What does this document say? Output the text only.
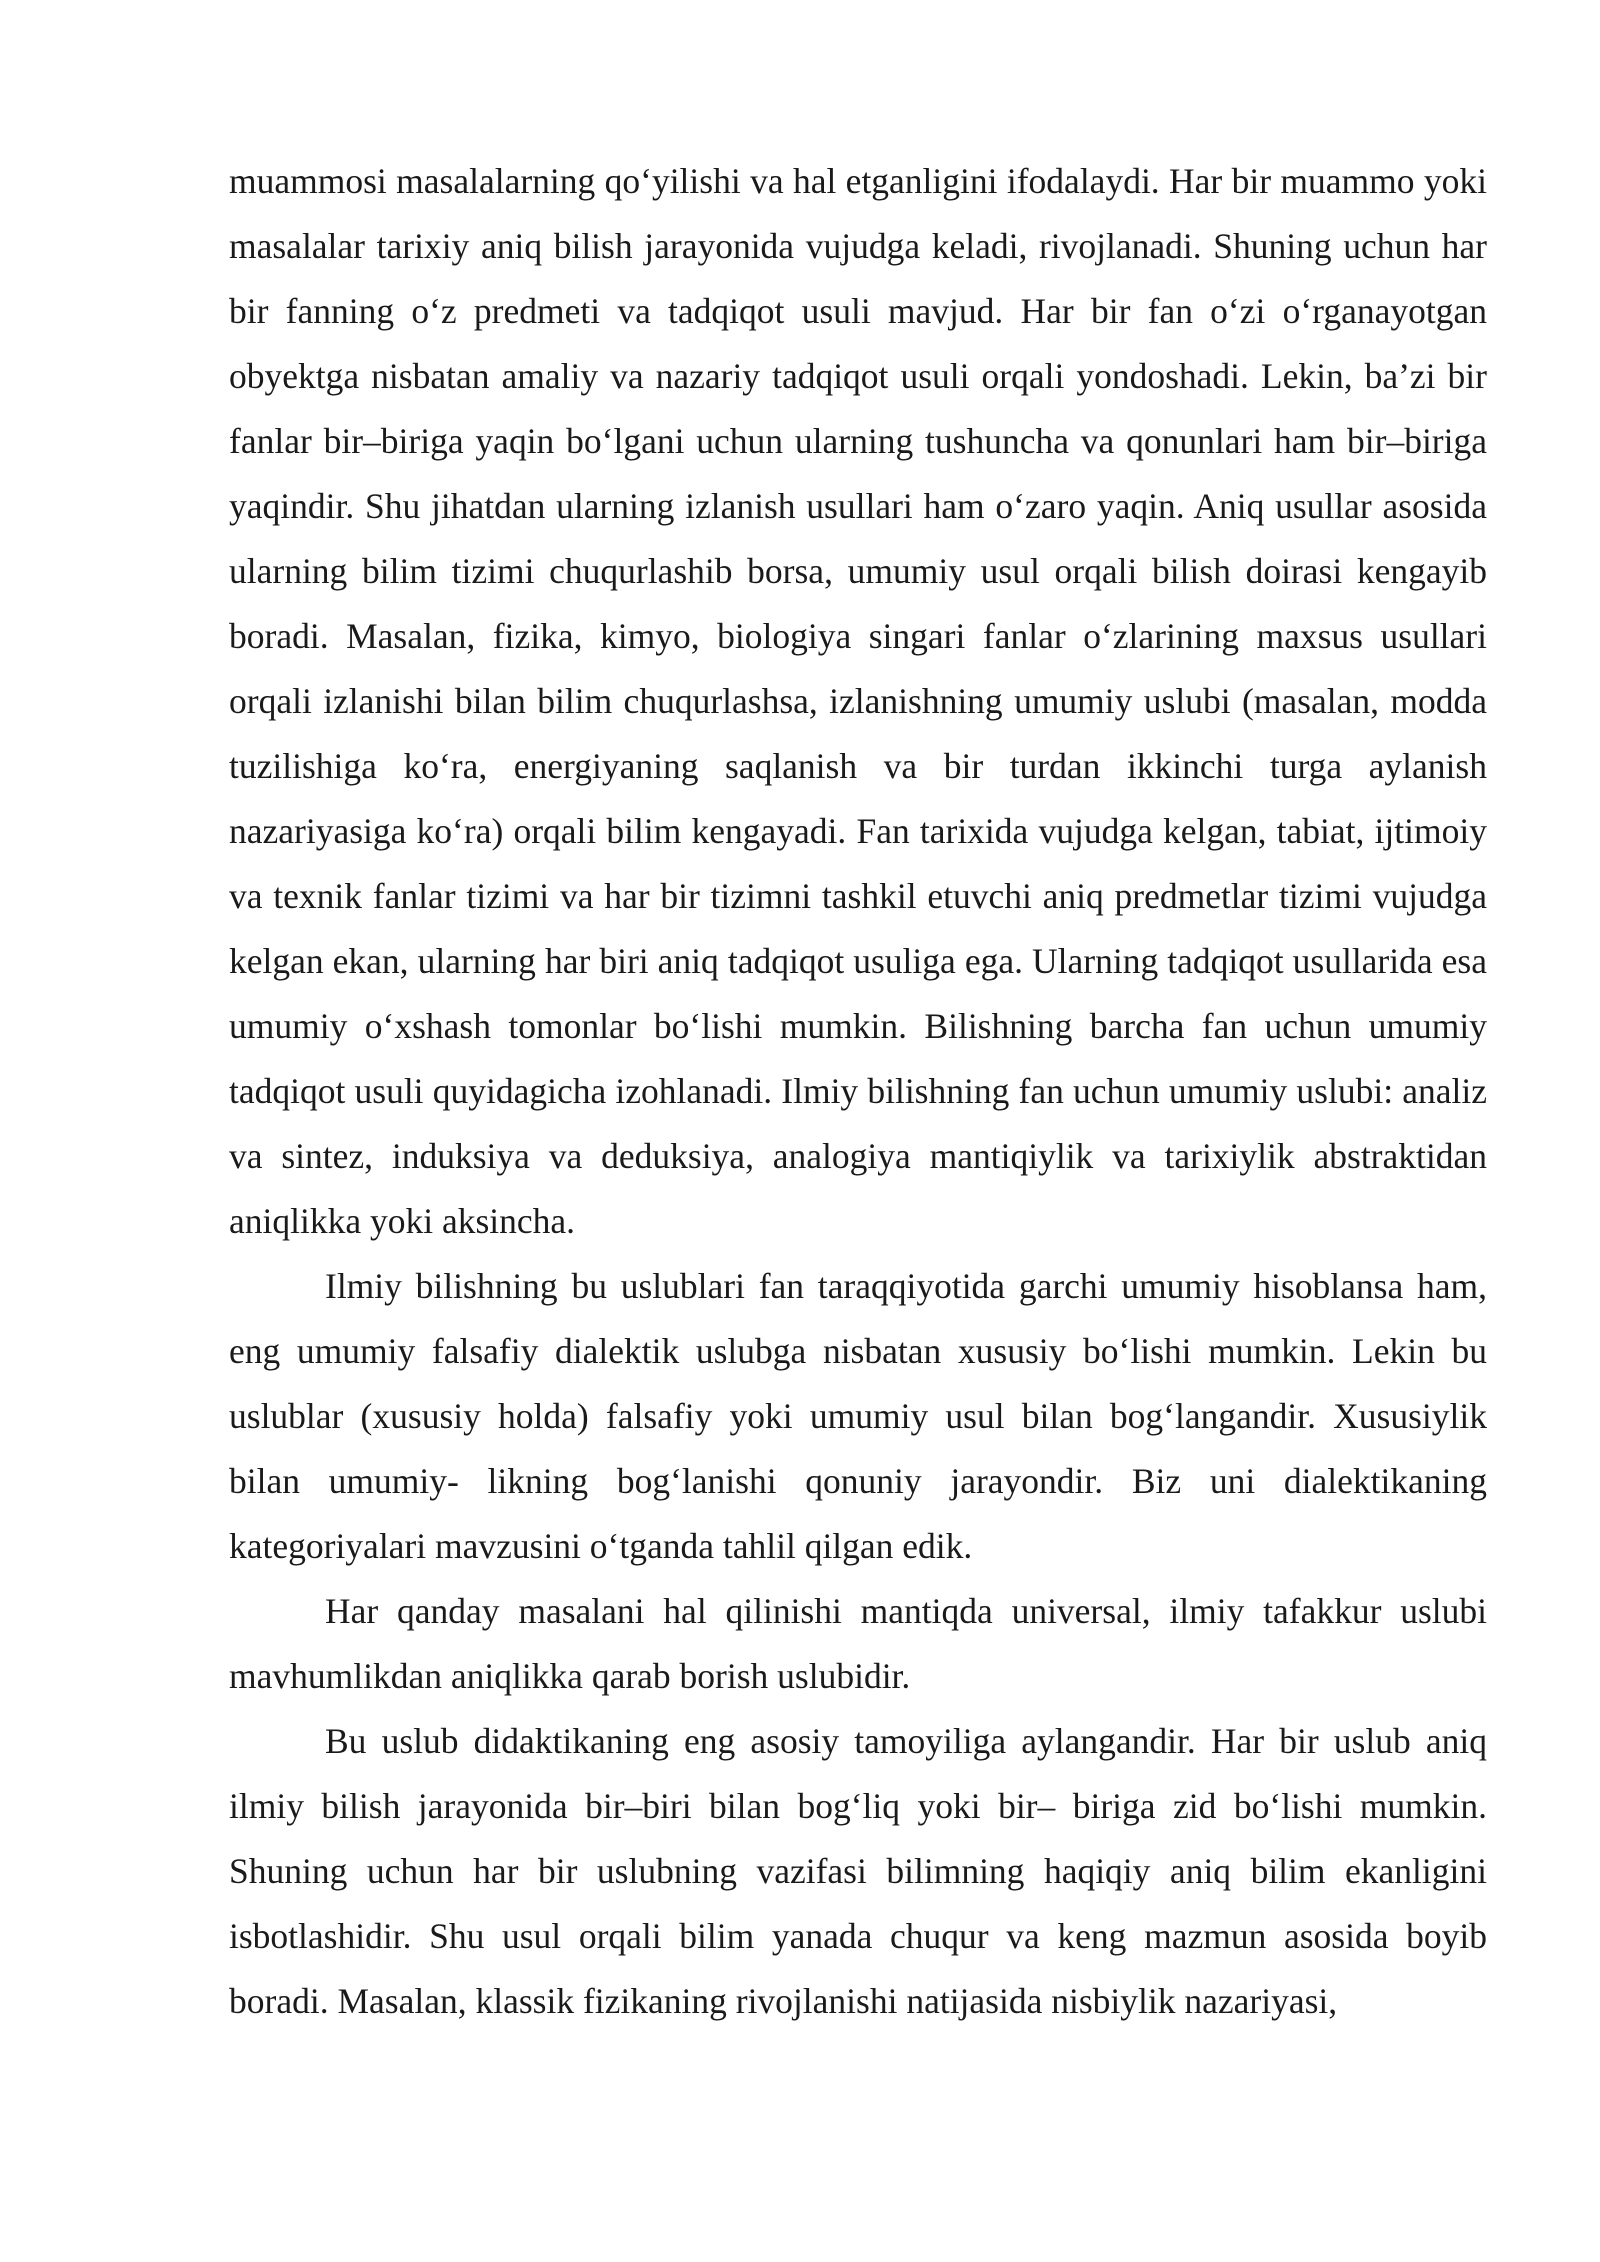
muammosi masalalarning qo‘yilishi va hal etganligini ifodalaydi. Har bir muammo yoki masalalar tarixiy aniq bilish jarayonida vujudga keladi, rivojlanadi. Shuning uchun har bir fanning o‘z predmeti va tadqiqot usuli mavjud. Har bir fan o‘zi o‘rganayotgan obyektga nisbatan amaliy va nazariy tadqiqot usuli orqali yondoshadi. Lekin, ba’zi bir fanlar bir–biriga yaqin bo‘lgani uchun ularning tushuncha va qonunlari ham bir–biriga yaqindir. Shu jihatdan ularning izlanish usullari ham o‘zaro yaqin. Aniq usullar asosida ularning bilim tizimi chuqurlashib borsa, umumiy usul orqali bilish doirasi kengayib boradi. Masalan, fizika, kimyo, biologiya singari fanlar o‘zlarining maxsus usullari orqali izlanishi bilan bilim chuqurlashsa, izlanishning umumiy uslubi (masalan, modda tuzilishiga ko‘ra, energiyaning saqlanish va bir turdan ikkinchi turga aylanish nazariyasiga ko‘ra) orqali bilim kengayadi. Fan tarixida vujudga kelgan, tabiat, ijtimoiy va texnik fanlar tizimi va har bir tizimni tashkil etuvchi aniq predmetlar tizimi vujudga kelgan ekan, ularning har biri aniq tadqiqot usuliga ega. Ularning tadqiqot usullarida esa umumiy o‘xshash tomonlar bo‘lishi mumkin. Bilishning barcha fan uchun umumiy tadqiqot usuli quyidagicha izohlanadi. Ilmiy bilishning fan uchun umumiy uslubi: analiz va sintez, induksiya va deduksiya, analogiya mantiqiylik va tarixiylik abstraktidan aniqlikka yoki aksincha.

Ilmiy bilishning bu uslublari fan taraqqiyotida garchi umumiy hisoblansa ham, eng umumiy falsafiy dialektik uslubga nisbatan xususiy bo‘lishi mumkin. Lekin bu uslublar (xususiy holda) falsafiy yoki umumiy usul bilan bog‘langandir. Xususiylik bilan umumiy- likning bog‘lanishi qonuniy jarayondir. Biz uni dialektikaning kategoriyalari mavzusini o‘tganda tahlil qilgan edik.

Har qanday masalani hal qilinishi mantiqda universal, ilmiy tafakkur uslubi mavhumlikdan aniqlikka qarab borish uslubidir.

Bu uslub didaktikaning eng asosiy tamoyiliga aylangandir. Har bir uslub aniq ilmiy bilish jarayonida bir–biri bilan bog‘liq yoki bir– biriga zid bo‘lishi mumkin. Shuning uchun har bir uslubning vazifasi bilimning haqiqiy aniq bilim ekanligini isbotlashidir. Shu usul orqali bilim yanada chuqur va keng mazmun asosida boyib boradi. Masalan, klassik fizikaning rivojlanishi natijasida nisbiylik nazariyasi,
